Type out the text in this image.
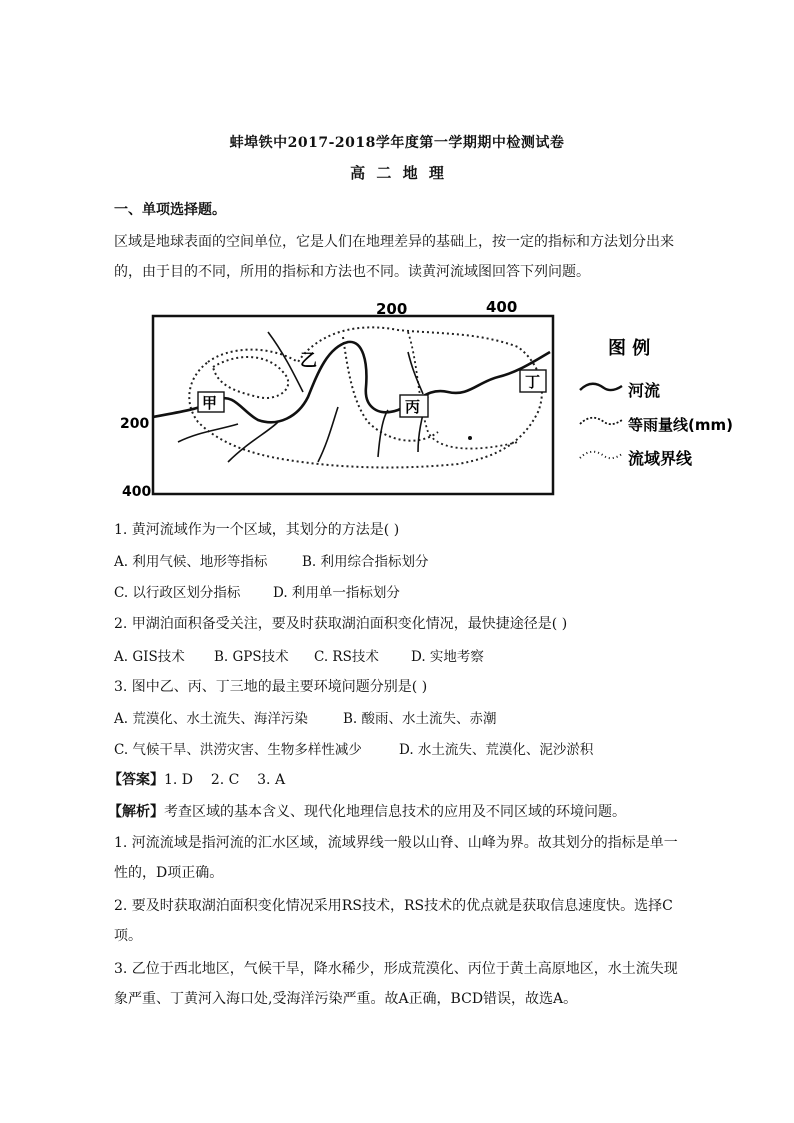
蚌埠铁中2017-2018学年度第一学期期中检测试卷
高 二 地 理
一、单项选择题。
区域是地球表面的空间单位，它是人们在地理差异的基础上，按一定的指标和方法划分出来
的，由于目的不同，所用的指标和方法也不同。读黄河流域图回答下列问题。
200	400
200
400
甲
乙
丙
丁
图 例
河流
等雨量线(mm)
流域界线
1. 黄河流域作为一个区域，其划分的方法是( )
A. 利用气候、地形等指标	B. 利用综合指标划分
C. 以行政区划分指标 D. 利用单一指标划分
2. 甲湖泊面积备受关注，要及时获取湖泊面积变化情况，最快捷途径是( )
A. GIS技术 B. GPS技术 C. RS技术 D. 实地考察
3. 图中乙、丙、丁三地的最主要环境问题分别是( )
A. 荒漠化、水土流失、海洋污染	B. 酸雨、水土流失、赤潮
C. 气候干旱、洪涝灾害、生物多样性减少	D. 水土流失、荒漠化、泥沙淤积
【答案】1. D    2. C    3. A
【解析】考查区域的基本含义、现代化地理信息技术的应用及不同区域的环境问题。
1. 河流流域是指河流的汇水区域，流域界线一般以山脊、山峰为界。故其划分的指标是单一
性的，D项正确。
2. 要及时获取湖泊面积变化情况采用RS技术，RS技术的优点就是获取信息速度快。选择C
项。
3. 乙位于西北地区，气候干旱，降水稀少，形成荒漠化、丙位于黄土高原地区，水土流失现
象严重、丁黄河入海口处,受海洋污染严重。故A正确，BCD错误，故选A。
